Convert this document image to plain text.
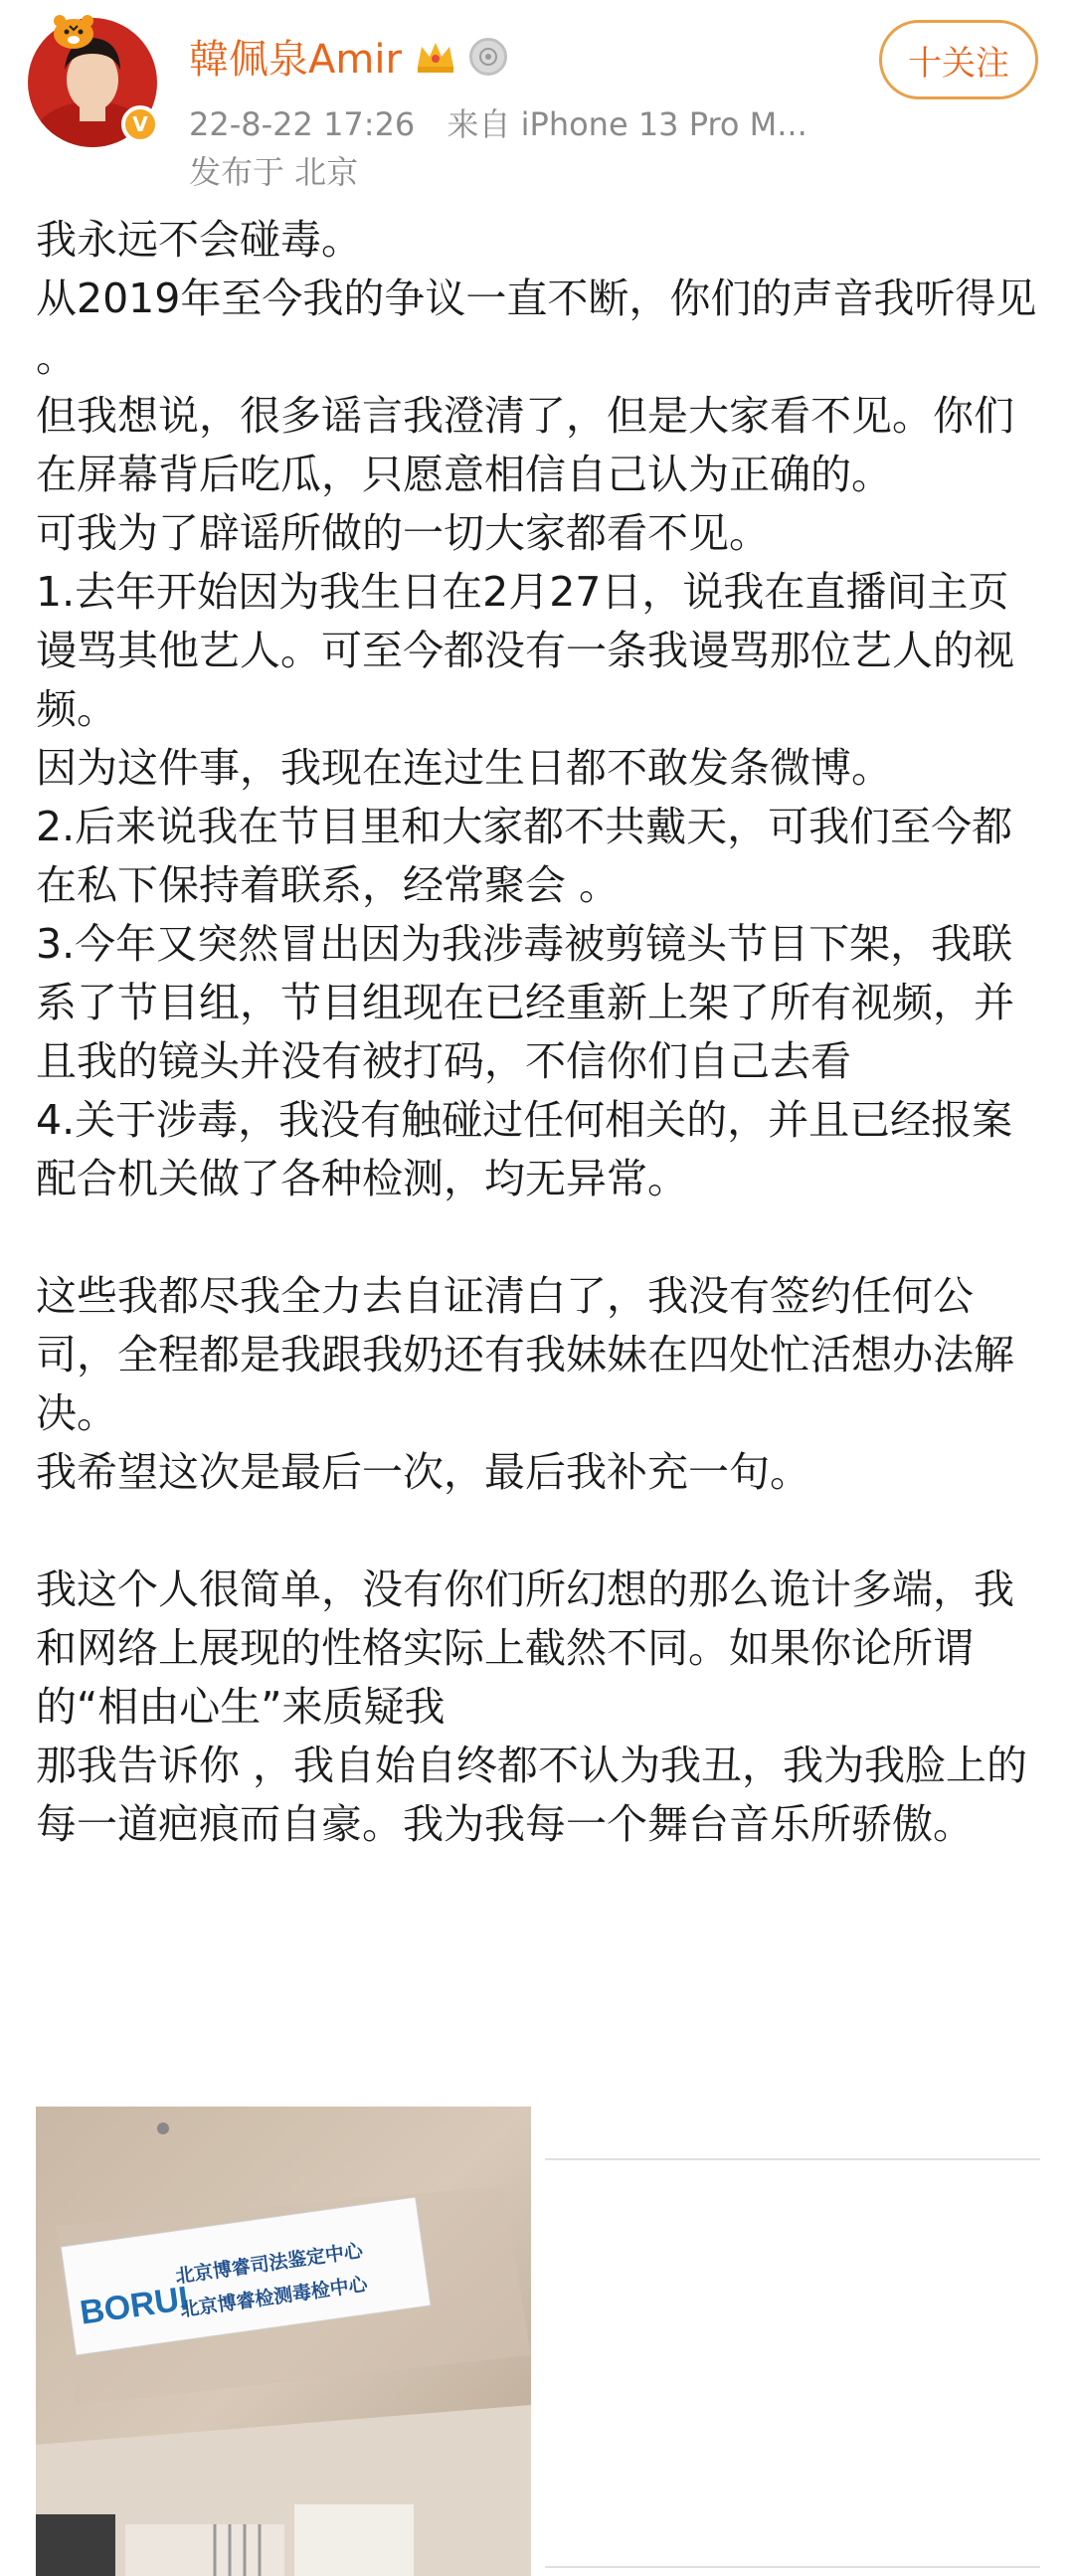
V
韓佩泉Amir
22-8-22 17:26 来自 iPhone 13 Pro M...
发布于 北京
十关注
我永远不会碰毒。
从2019年至今我的争议一直不断，你们的声音我听得见 。
但我想说，很多谣言我澄清了，但是大家看不见。你们在屏幕背后吃瓜，只愿意相信自己认为正确的。
可我为了辟谣所做的一切大家都看不见。
1.去年开始因为我生日在2月27日，说我在直播间主页谩骂其他艺人。可至今都没有一条我谩骂那位艺人的视频。
因为这件事，我现在连过生日都不敢发条微博。
2.后来说我在节目里和大家都不共戴天，可我们至今都在私下保持着联系，经常聚会 。
3.今年又突然冒出因为我涉毒被剪镜头节目下架，我联系了节目组，节目组现在已经重新上架了所有视频，并且我的镜头并没有被打码，不信你们自己去看
4.关于涉毒，我没有触碰过任何相关的，并且已经报案配合机关做了各种检测，均无异常。

这些我都尽我全力去自证清白了，我没有签约任何公司，全程都是我跟我奶还有我妹妹在四处忙活想办法解决。
我希望这次是最后一次，最后我补充一句。

我这个人很简单，没有你们所幻想的那么诡计多端，我和网络上展现的性格实际上截然不同。如果你论所谓的“相由心生”来质疑我
那我告诉你 ，我自始自终都不认为我丑，我为我脸上的每一道疤痕而自豪。我为我每一个舞台音乐所骄傲。
BORUI
北京博睿司法鉴定中心
北京博睿检测毒检中心
